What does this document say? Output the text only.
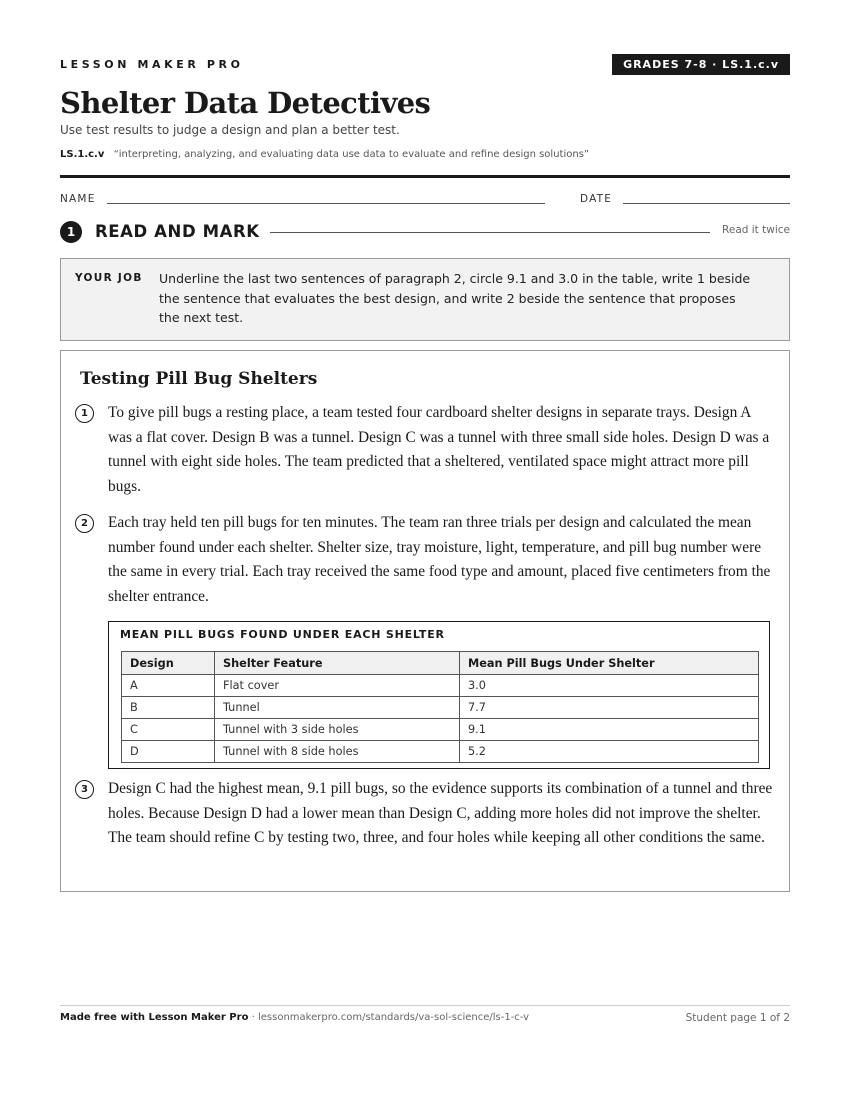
LESSON MAKER PRO	GRADES 7-8 · LS.1.c.v
Shelter Data Detectives
Use test results to judge a design and plan a better test.
LS.1.c.v “interpreting, analyzing, and evaluating data use data to evaluate and refine design solutions”
NAME	DATE
1	READ AND MARK	Read it twice
YOUR JOB Underline the last two sentences of paragraph 2, circle 9.1 and 3.0 in the table, write 1 beside the sentence that evaluates the best design, and write 2 beside the sentence that proposes the next test.
Testing Pill Bug Shelters
1	To give pill bugs a resting place, a team tested four cardboard shelter designs in separate trays. Design A was a flat cover. Design B was a tunnel. Design C was a tunnel with three small side holes. Design D was a tunnel with eight side holes. The team predicted that a sheltered, ventilated space might attract more pill bugs.

2	Each tray held ten pill bugs for ten minutes. The team ran three trials per design and calculated the mean number found under each shelter. Shelter size, tray moisture, light, temperature, and pill bug number were the same in every trial. Each tray received the same food type and amount, placed five centimeters from the shelter entrance.

MEAN PILL BUGS FOUND UNDER EACH SHELTER
Design	Shelter Feature	Mean Pill Bugs Under Shelter
A	Flat cover	3.0
B	Tunnel	7.7
C	Tunnel with 3 side holes	9.1
D	Tunnel with 8 side holes	5.2
3	Design C had the highest mean, 9.1 pill bugs, so the evidence supports its combination of a tunnel and three holes. Because Design D had a lower mean than Design C, adding more holes did not improve the shelter. The team should refine C by testing two, three, and four holes while keeping all other conditions the same.

Made free with Lesson Maker Pro · lessonmakerpro.com/standards/va-sol-science/ls-1-c-v	Student page 1 of 2
